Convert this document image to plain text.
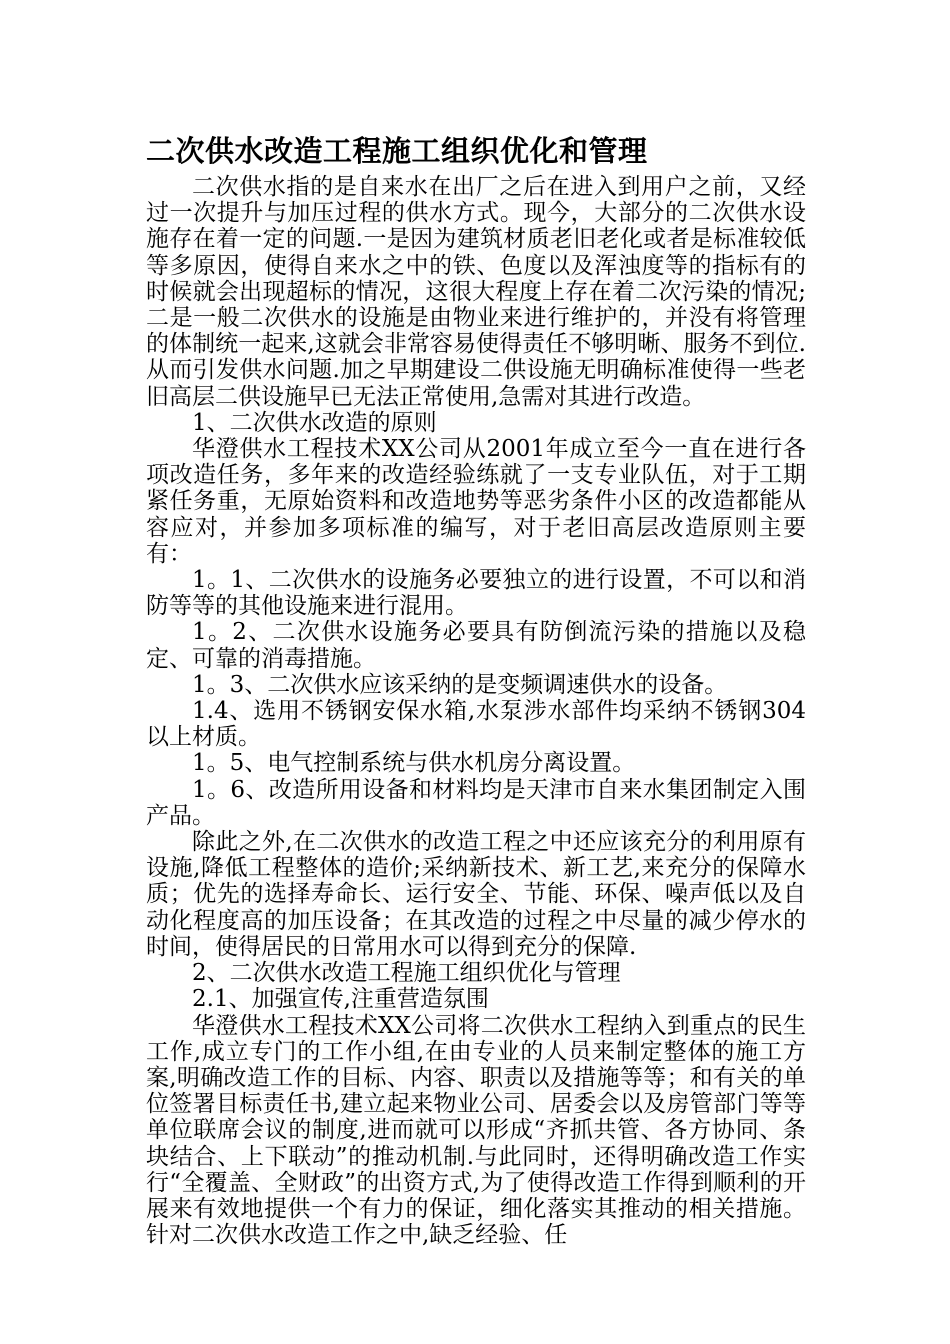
二次供水改造工程施工组织优化和管理

二次供水指的是自来水在出厂之后在进入到用户之前，又经过一次提升与加压过程的供水方式。现今，大部分的二次供水设施存在着一定的问题.一是因为建筑材质老旧老化或者是标准较低等多原因，使得自来水之中的铁、色度以及浑浊度等的指标有的时候就会出现超标的情况，这很大程度上存在着二次污染的情况;二是一般二次供水的设施是由物业来进行维护的，并没有将管理的体制统一起来,这就会非常容易使得责任不够明晰、服务不到位.从而引发供水问题.加之早期建设二供设施无明确标准使得一些老旧高层二供设施早已无法正常使用,急需对其进行改造。

1、二次供水改造的原则

华澄供水工程技术XX公司从2001年成立至今一直在进行各项改造任务，多年来的改造经验练就了一支专业队伍，对于工期紧任务重，无原始资料和改造地势等恶劣条件小区的改造都能从容应对，并参加多项标准的编写，对于老旧高层改造原则主要有：

1。1、二次供水的设施务必要独立的进行设置，不可以和消防等等的其他设施来进行混用。

1。2、二次供水设施务必要具有防倒流污染的措施以及稳定、可靠的消毒措施。

1。3、二次供水应该采纳的是变频调速供水的设备。

1.4、选用不锈钢安保水箱,水泵涉水部件均采纳不锈钢304以上材质。

1。5、电气控制系统与供水机房分离设置。

1。6、改造所用设备和材料均是天津市自来水集团制定入围产品。

除此之外,在二次供水的改造工程之中还应该充分的利用原有设施,降低工程整体的造价;采纳新技术、新工艺,来充分的保障水质；优先的选择寿命长、运行安全、节能、环保、噪声低以及自动化程度高的加压设备；在其改造的过程之中尽量的减少停水的时间，使得居民的日常用水可以得到充分的保障.

2、二次供水改造工程施工组织优化与管理

2.1、加强宣传,注重营造氛围

华澄供水工程技术XX公司将二次供水工程纳入到重点的民生工作,成立专门的工作小组,在由专业的人员来制定整体的施工方案,明确改造工作的目标、内容、职责以及措施等等；和有关的单位签署目标责任书,建立起来物业公司、居委会以及房管部门等等单位联席会议的制度,进而就可以形成“齐抓共管、各方协同、条块结合、上下联动”的推动机制.与此同时，还得明确改造工作实行“全覆盖、全财政”的出资方式,为了使得改造工作得到顺利的开展来有效地提供一个有力的保证，细化落实其推动的相关措施。针对二次供水改造工作之中,缺乏经验、任
